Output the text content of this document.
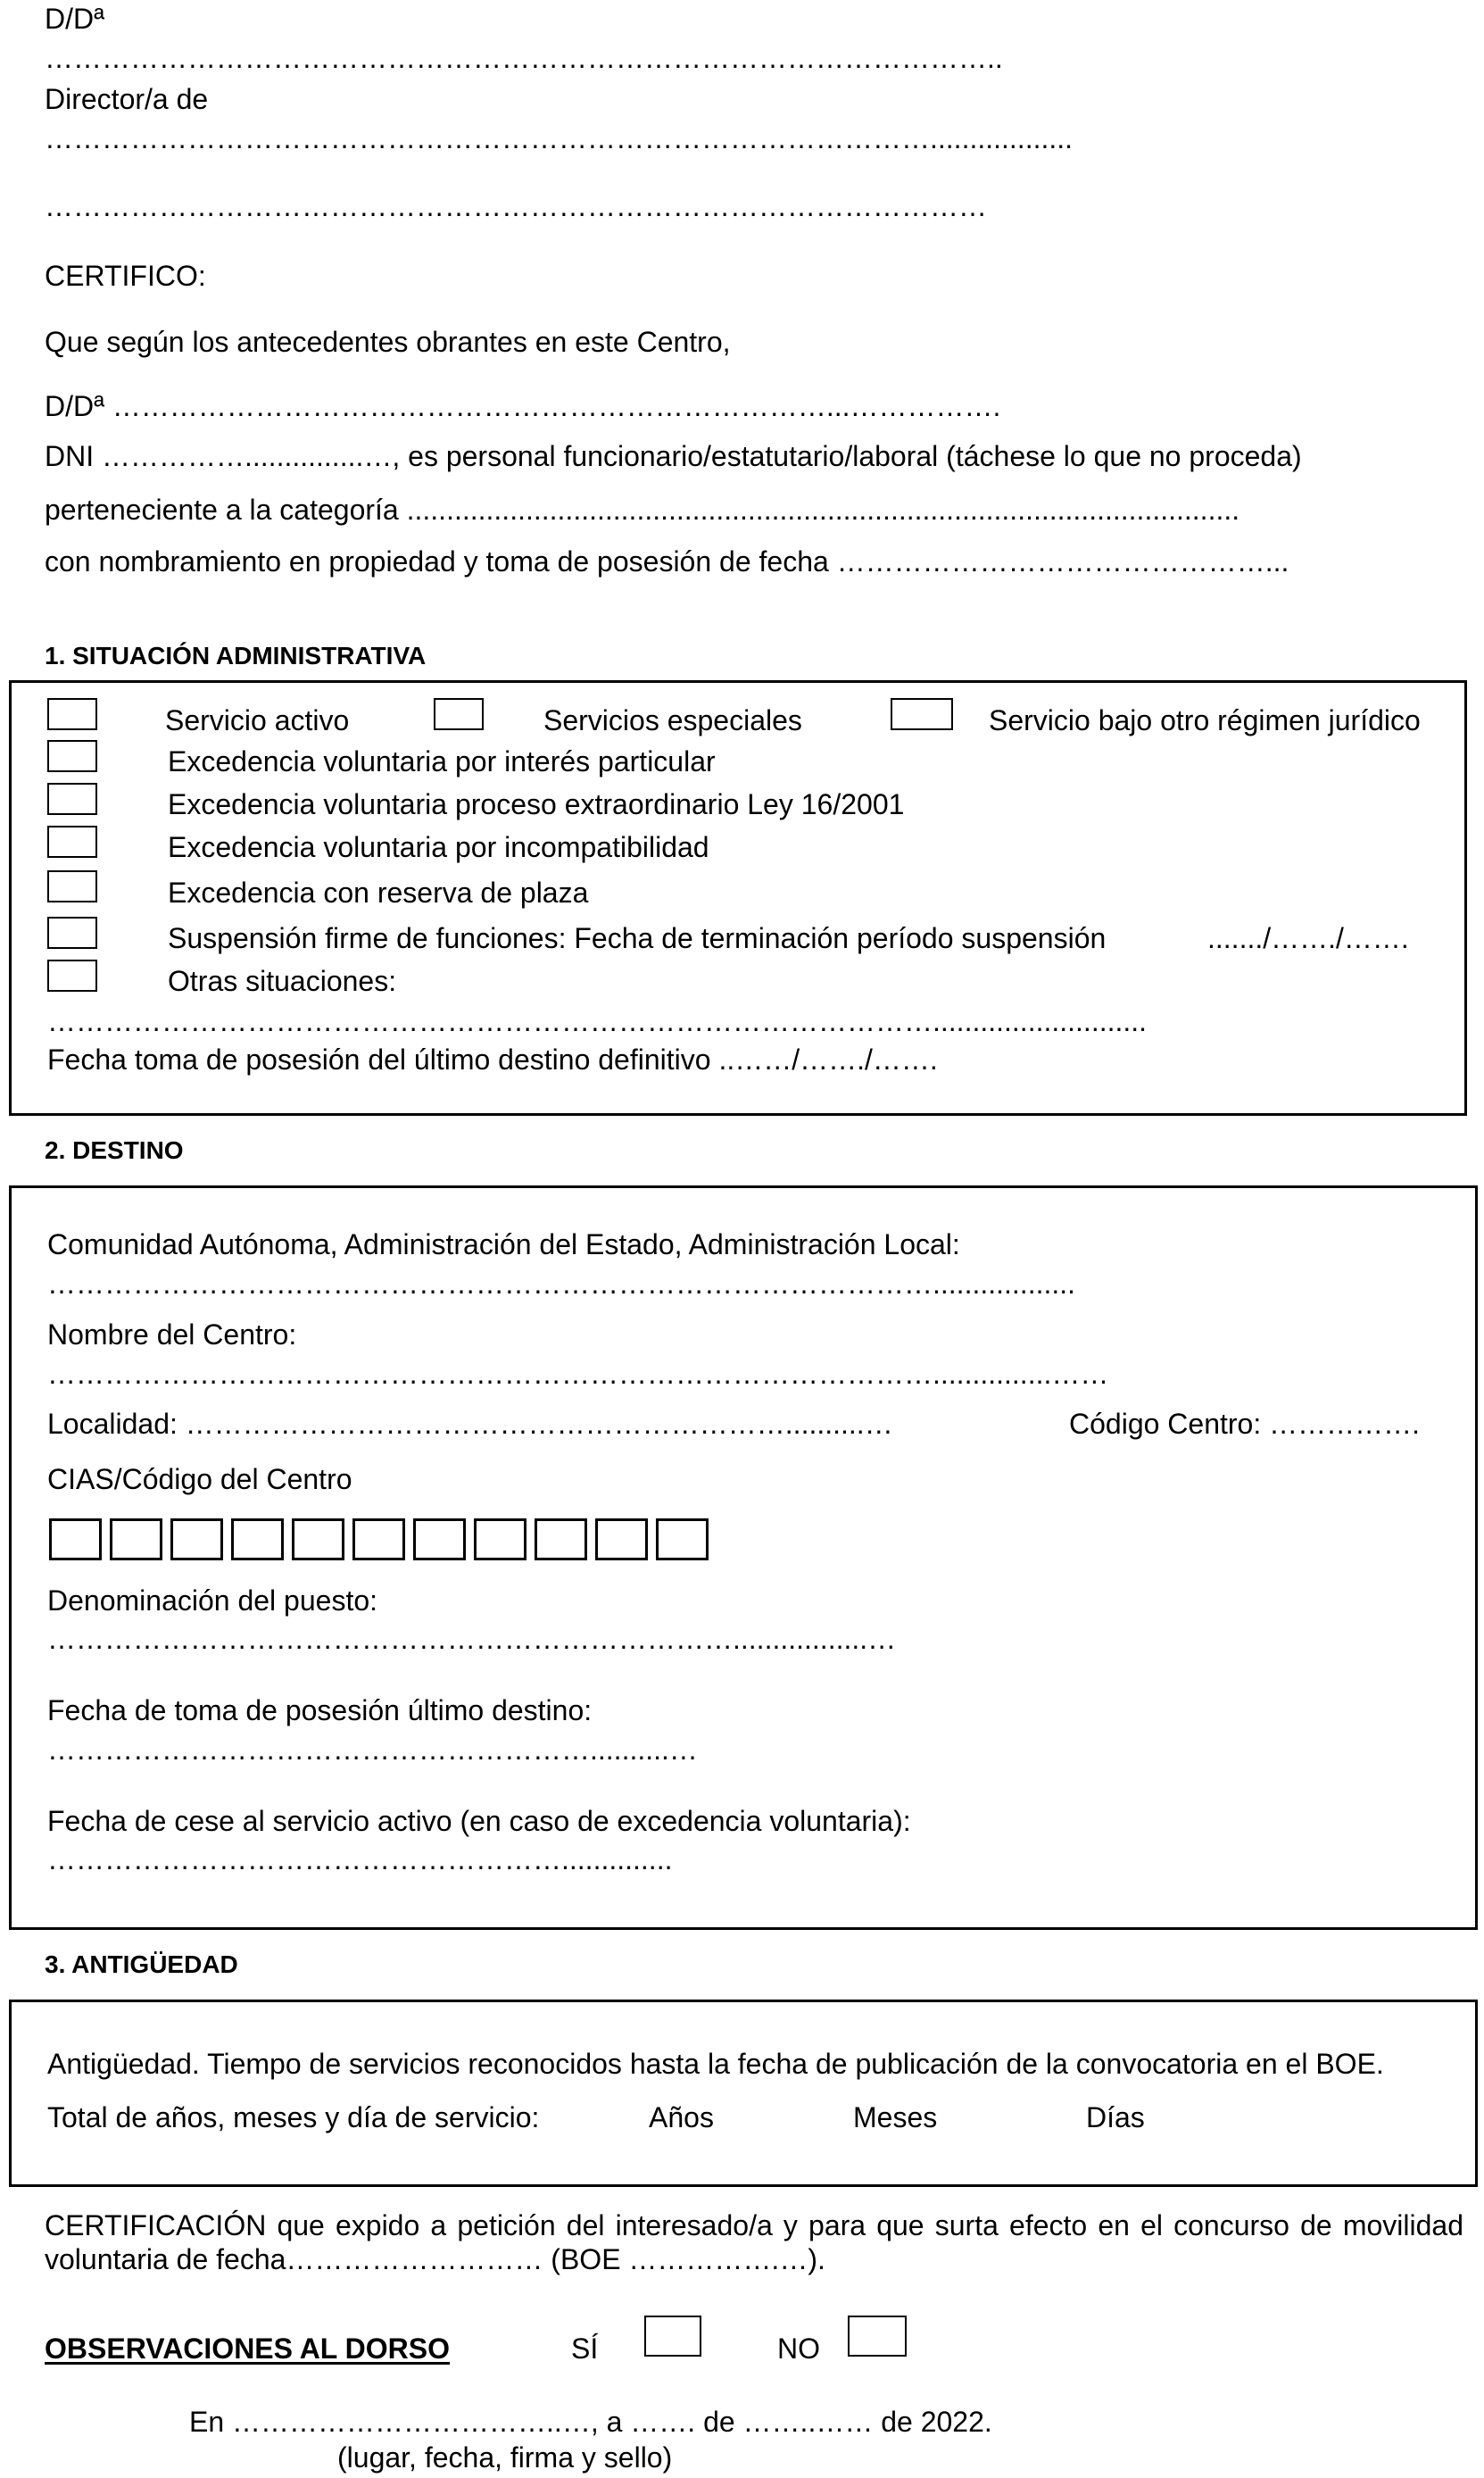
D/Dª
………………………………………………………………………………………..
Director/a de
…………………………………………………………………………………..................
………………………………………………………………………………………
CERTIFICO:
Que según los antecedentes obrantes en este Centro,
D/Dª …………………………………………………………………...…………….
DNI ……………...............…, es personal funcionario/estatutario/laboral (táchese lo que no proceda)
perteneciente a la categoría .........................................................................................................
con nombramiento en propiedad y toma de posesión de fecha ………………………………………...
1. SITUACIÓN ADMINISTRATIVA
Servicio activo	Servicios especiales	Servicio bajo otro régimen jurídico
Excedencia voluntaria por interés particular
Excedencia voluntaria proceso extraordinario Ley 16/2001
Excedencia voluntaria por incompatibilidad
Excedencia con reserva de plaza
Suspensión firme de funciones: Fecha de terminación período suspensión	......./……./…….
Otras situaciones:
…………………………………………………………………………………...........................
Fecha toma de posesión del último destino definitivo ..……/……./…….
2. DESTINO
Comunidad Autónoma, Administración del Estado, Administración Local:
…………………………………………………………………………………..................
Nombre del Centro:
…………………………………………………………………………………...............……
Localidad: ………………………………………………………..........…	Código Centro: …………….
CIAS/Código del Centro
Denominación del puesto:
……………………………………………………………….................…
Fecha de toma de posesión último destino:
…………………………………………………..........…
Fecha de cese al servicio activo (en caso de excedencia voluntaria):
………………………………………………..............
3. ANTIGÜEDAD
Antigüedad. Tiempo de servicios reconocidos hasta la fecha de publicación de la convocatoria en el BOE.
Total de años, meses y día de servicio:	Años	Meses	Días
CERTIFICACIÓN que expido a petición del interesado/a y para que surta efecto en el concurso de movilidad voluntaria de fecha……………………… (BOE …………….…).
OBSERVACIONES AL DORSO	SÍ	NO
En ……………………………..…, a ……. de ……..…… de 2022.
(lugar, fecha, firma y sello)
